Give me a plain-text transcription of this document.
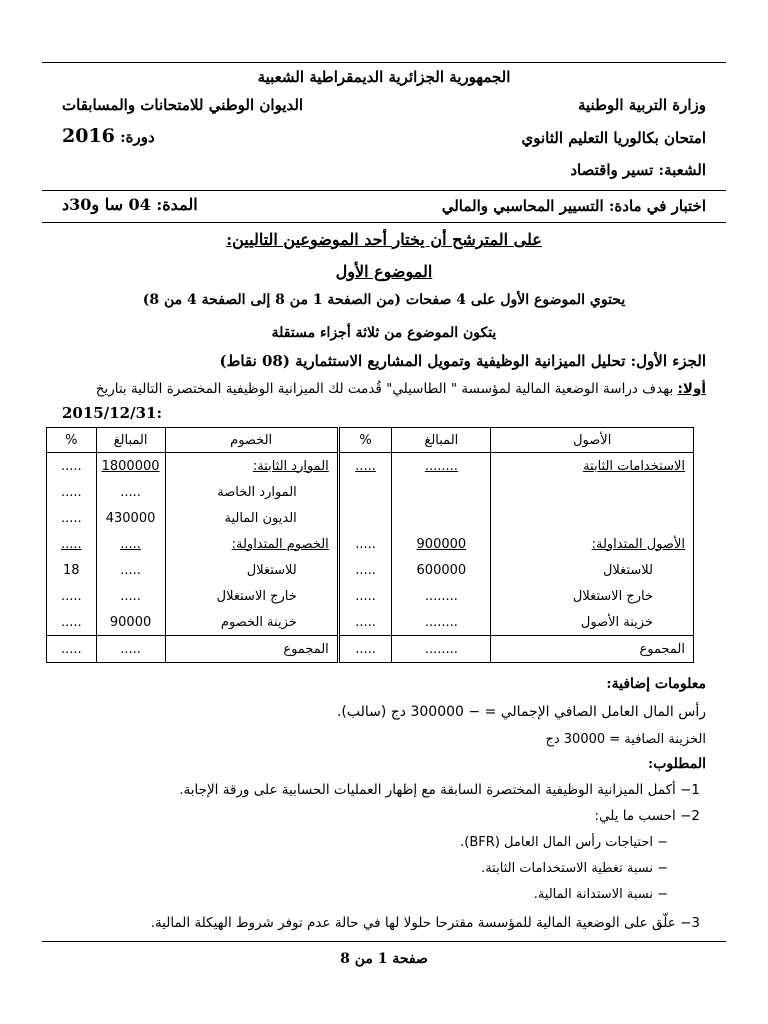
الجمهورية الجزائرية الديمقراطية الشعبية
وزارة التربية الوطنية
الديوان الوطني للامتحانات والمسابقات
امتحان بكالوريا التعليم الثانوي
دورة: 2016
الشعبة: تسير واقتصاد
اختبار في مادة: التسيير المحاسبي والمالي
المدة: 04 سا و30د
على المترشح أن يختار أحد الموضوعين التاليين:
الموضوع الأول
يحتوي الموضوع الأول على 4 صفحات (من الصفحة 1 من 8 إلى الصفحة 4 من 8)
يتكون الموضوع من ثلاثة أجزاء مستقلة
الجزء الأول: تحليل الميزانية الوظيفية وتمويل المشاريع الاستثمارية (08 نقاط)
أولا: بهدف دراسة الوضعية المالية لمؤسسة " الطاسيلي" قُدمت لك الميزانية الوظيفية المختصرة التالية بتاريخ
:2015/12/31
الأصول	المبالغ	%	الخصوم	المبالغ	%
الاستخدامات الثابتة	........	.....	الموارد الثابتة:	1800000	.....
			الموارد الخاصة	.....	.....
			الديون المالية	430000	.....
الأصول المتداولة:	900000	.....	الخصوم المتداولة:	.....	.....
للاستغلال	600000	.....	للاستغلال	.....	18
خارج الاستغلال	........	.....	خارج الاستغلال	.....	.....
خزينة الأصول	........	.....	خزينة الخصوم	90000	.....
المجموع	........	.....	المجموع	.....	.....
معلومات إضافية:
رأس المال العامل الصافي الإجمالي = − 300000 دج (سالب).
الخزينة الصافية = 30000 دج
المطلوب:
1− أكمل الميزانية الوظيفية المختصرة السابقة مع إظهار العمليات الحسابية على ورقة الإجابة.
2− احسب ما يلي:
− احتياجات رأس المال العامل (BFR).
− نسبة تغطية الاستخدامات الثابتة.
− نسبة الاستدانة المالية.
3− علّق على الوضعية المالية للمؤسسة مقترحا حلولا لها في حالة عدم توفر شروط الهيكلة المالية.
صفحة 1 من 8
